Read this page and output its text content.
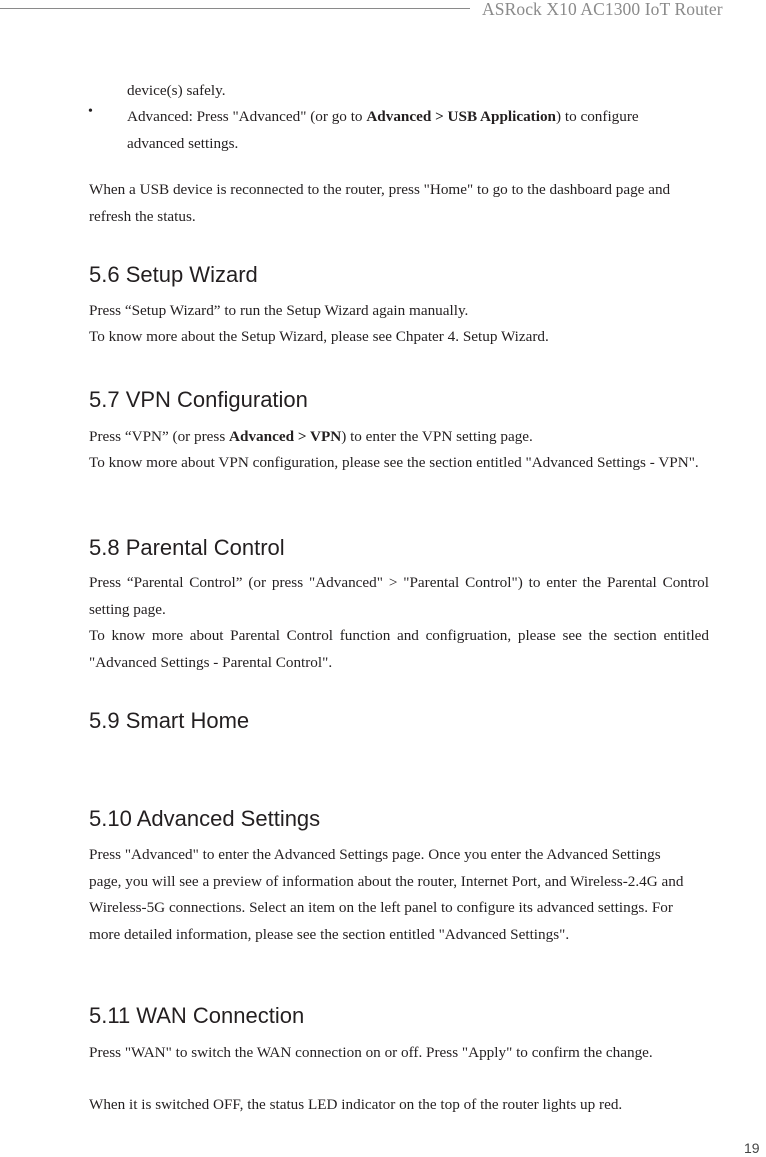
ASRock X10 AC1300 IoT Router

device(s) safely.

• Advanced: Press "Advanced" (or go to Advanced > USB Application) to configure advanced settings.

When a USB device is reconnected to the router, press "Home" to go to the dashboard page and refresh the status.

5.6 Setup Wizard

Press “Setup Wizard” to run the Setup Wizard again manually.

To know more about the Setup Wizard, please see Chpater 4. Setup Wizard.

5.7 VPN Configuration

Press “VPN” (or press Advanced > VPN) to enter the VPN setting page.

To know more about VPN configuration, please see the section entitled "Advanced Settings - VPN".

5.8 Parental Control

Press “Parental Control” (or press "Advanced" > "Parental Control") to enter the Parental Control setting page.

To know more about Parental Control function and configruation, please see the section entitled "Advanced Settings - Parental Control".

5.9 Smart Home
5.10 Advanced Settings

Press "Advanced" to enter the Advanced Settings page. Once you enter the Advanced Settings page, you will see a preview of information about the router, Internet Port, and Wireless-2.4G and Wireless-5G connections. Select an item on the left panel to configure its advanced settings. For more detailed information, please see the section entitled "Advanced Settings".

5.11 WAN Connection

Press "WAN" to switch the WAN connection on or off. Press "Apply" to confirm the change.

When it is switched OFF, the status LED indicator on the top of the router lights up red.

19
